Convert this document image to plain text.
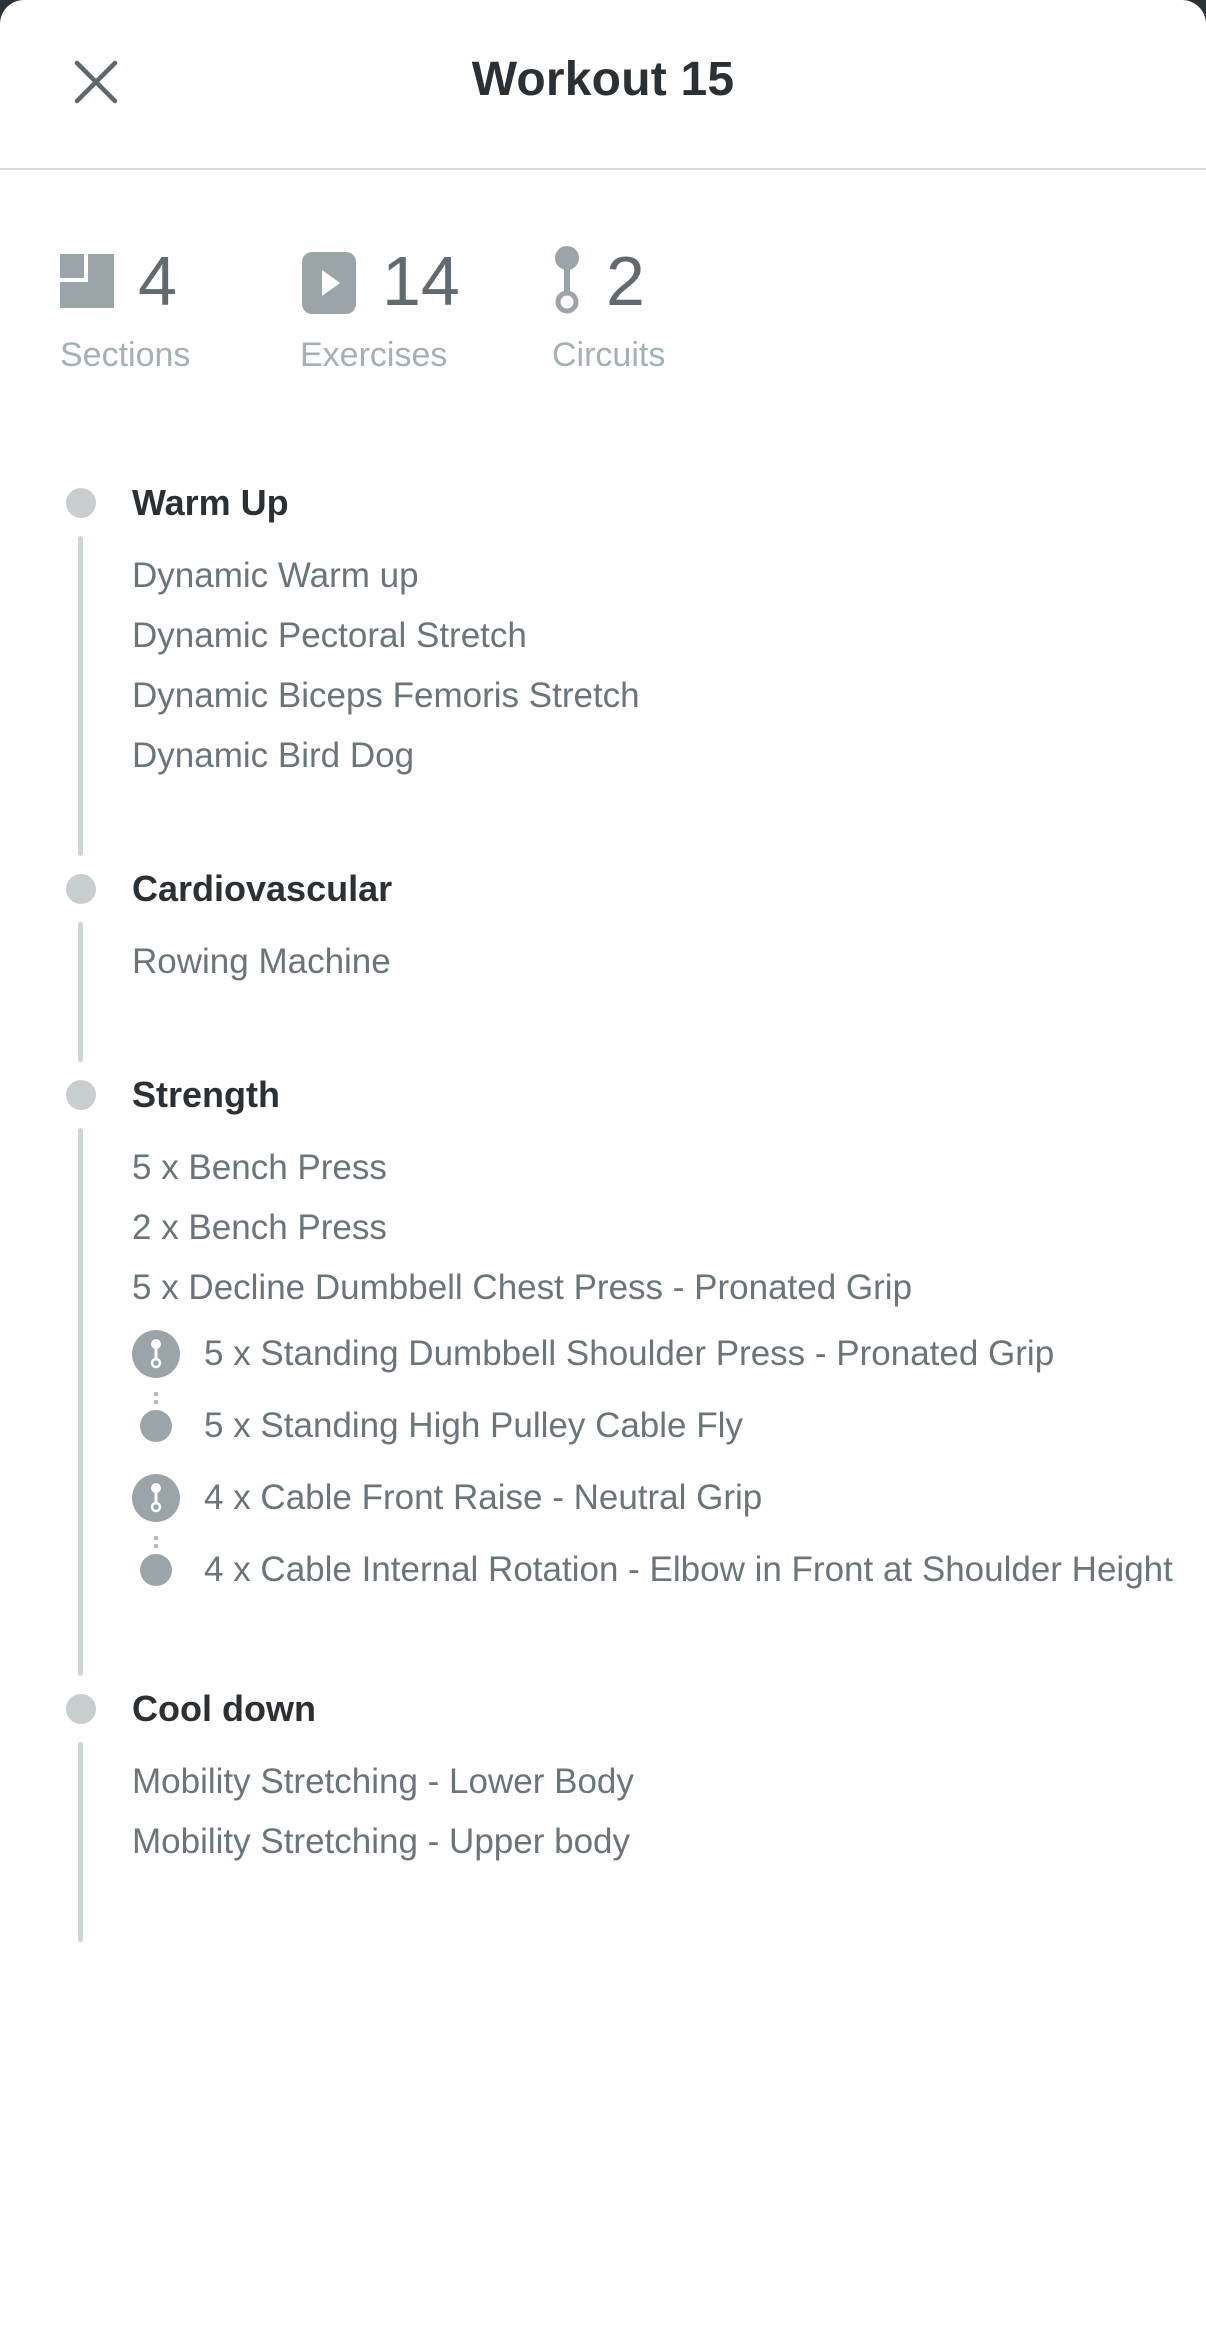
Workout 15
4
Sections
14
Exercises
2
Circuits
Warm Up
Dynamic Warm up
Dynamic Pectoral Stretch
Dynamic Biceps Femoris Stretch
Dynamic Bird Dog
Cardiovascular
Rowing Machine
Strength
5 x Bench Press
2 x Bench Press
5 x Decline Dumbbell Chest Press - Pronated Grip
5 x Standing Dumbbell Shoulder Press - Pronated Grip
5 x Standing High Pulley Cable Fly
4 x Cable Front Raise - Neutral Grip
4 x Cable Internal Rotation - Elbow in Front at Shoulder Height
Cool down
Mobility Stretching - Lower Body
Mobility Stretching - Upper body
